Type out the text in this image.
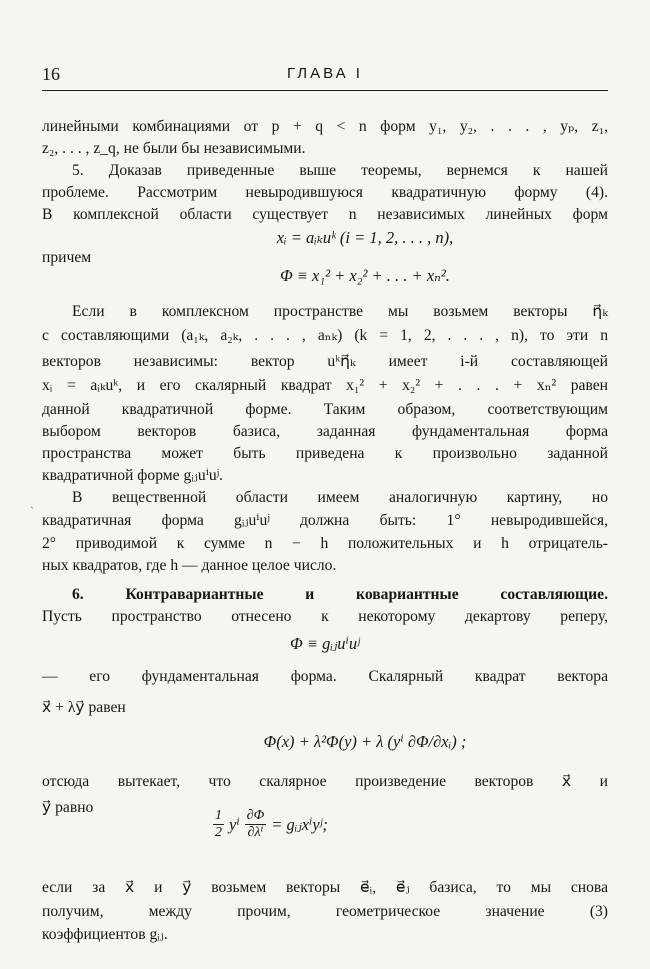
16	ГЛАВА I
линейными комбинациями от p + q < n форм y₁, y₂, . . . , yₚ, z₁,
z₂, . . . , z_q, не были бы независимыми.
5. Доказав приведенные выше теоремы, вернемся к нашей
проблеме. Рассмотрим невыродившуюся квадратичную форму (4).
В комплексной области существует n независимых линейных форм
xᵢ = aᵢₖuᵏ (i = 1, 2, . . . , n),
причем
Φ ≡ x₁² + x₂² + . . . + xₙ².
Если в комплексном пространстве мы возьмем векторы η⃗ₖ
с составляющими (a₁ₖ, a₂ₖ, . . . , aₙₖ) (k = 1, 2, . . . , n), то эти n
векторов независимы: вектор uᵏη⃗ₖ имеет i-й составляющей
xᵢ = aᵢₖuᵏ, и его скалярный квадрат x₁² + x₂² + . . . + xₙ² равен
данной квадратичной форме. Таким образом, соответствующим
выбором векторов базиса, заданная фундаментальная форма
пространства может быть приведена к произвольно заданной
квадратичной форме gᵢⱼuⁱuʲ.
ˏ	В вещественной области имеем аналогичную картину, но
квадратичная форма gᵢⱼuⁱuʲ должна быть: 1° невыродившейся,
2° приводимой к сумме n − h положительных и h отрицатель-
ных квадратов, где h — данное целое число.
6. Контравариантные и ковариантные составляющие.
Пусть пространство отнесено к некоторому декартову реперу,
Φ ≡ gᵢⱼuⁱuʲ
— его фундаментальная форма. Скалярный квадрат вектора
x⃗ + λy⃗ равен
Φ(x) + λ²Φ(y) + λ (yⁱ ∂Φ/∂xᵢ) ;
отсюда вытекает, что скалярное произведение векторов x⃗ и
y⃗ равно	1
2 yⁱ $\frac{\partial\Phi}{\text{∂λⁱ}}$ = gᵢⱼxⁱyʲ;
если за x⃗ и y⃗ возьмем векторы e⃗ᵢ, e⃗ⱼ базиса, то мы снова
получим, между прочим, геометрическое значение (3)
коэффициентов gᵢⱼ.
